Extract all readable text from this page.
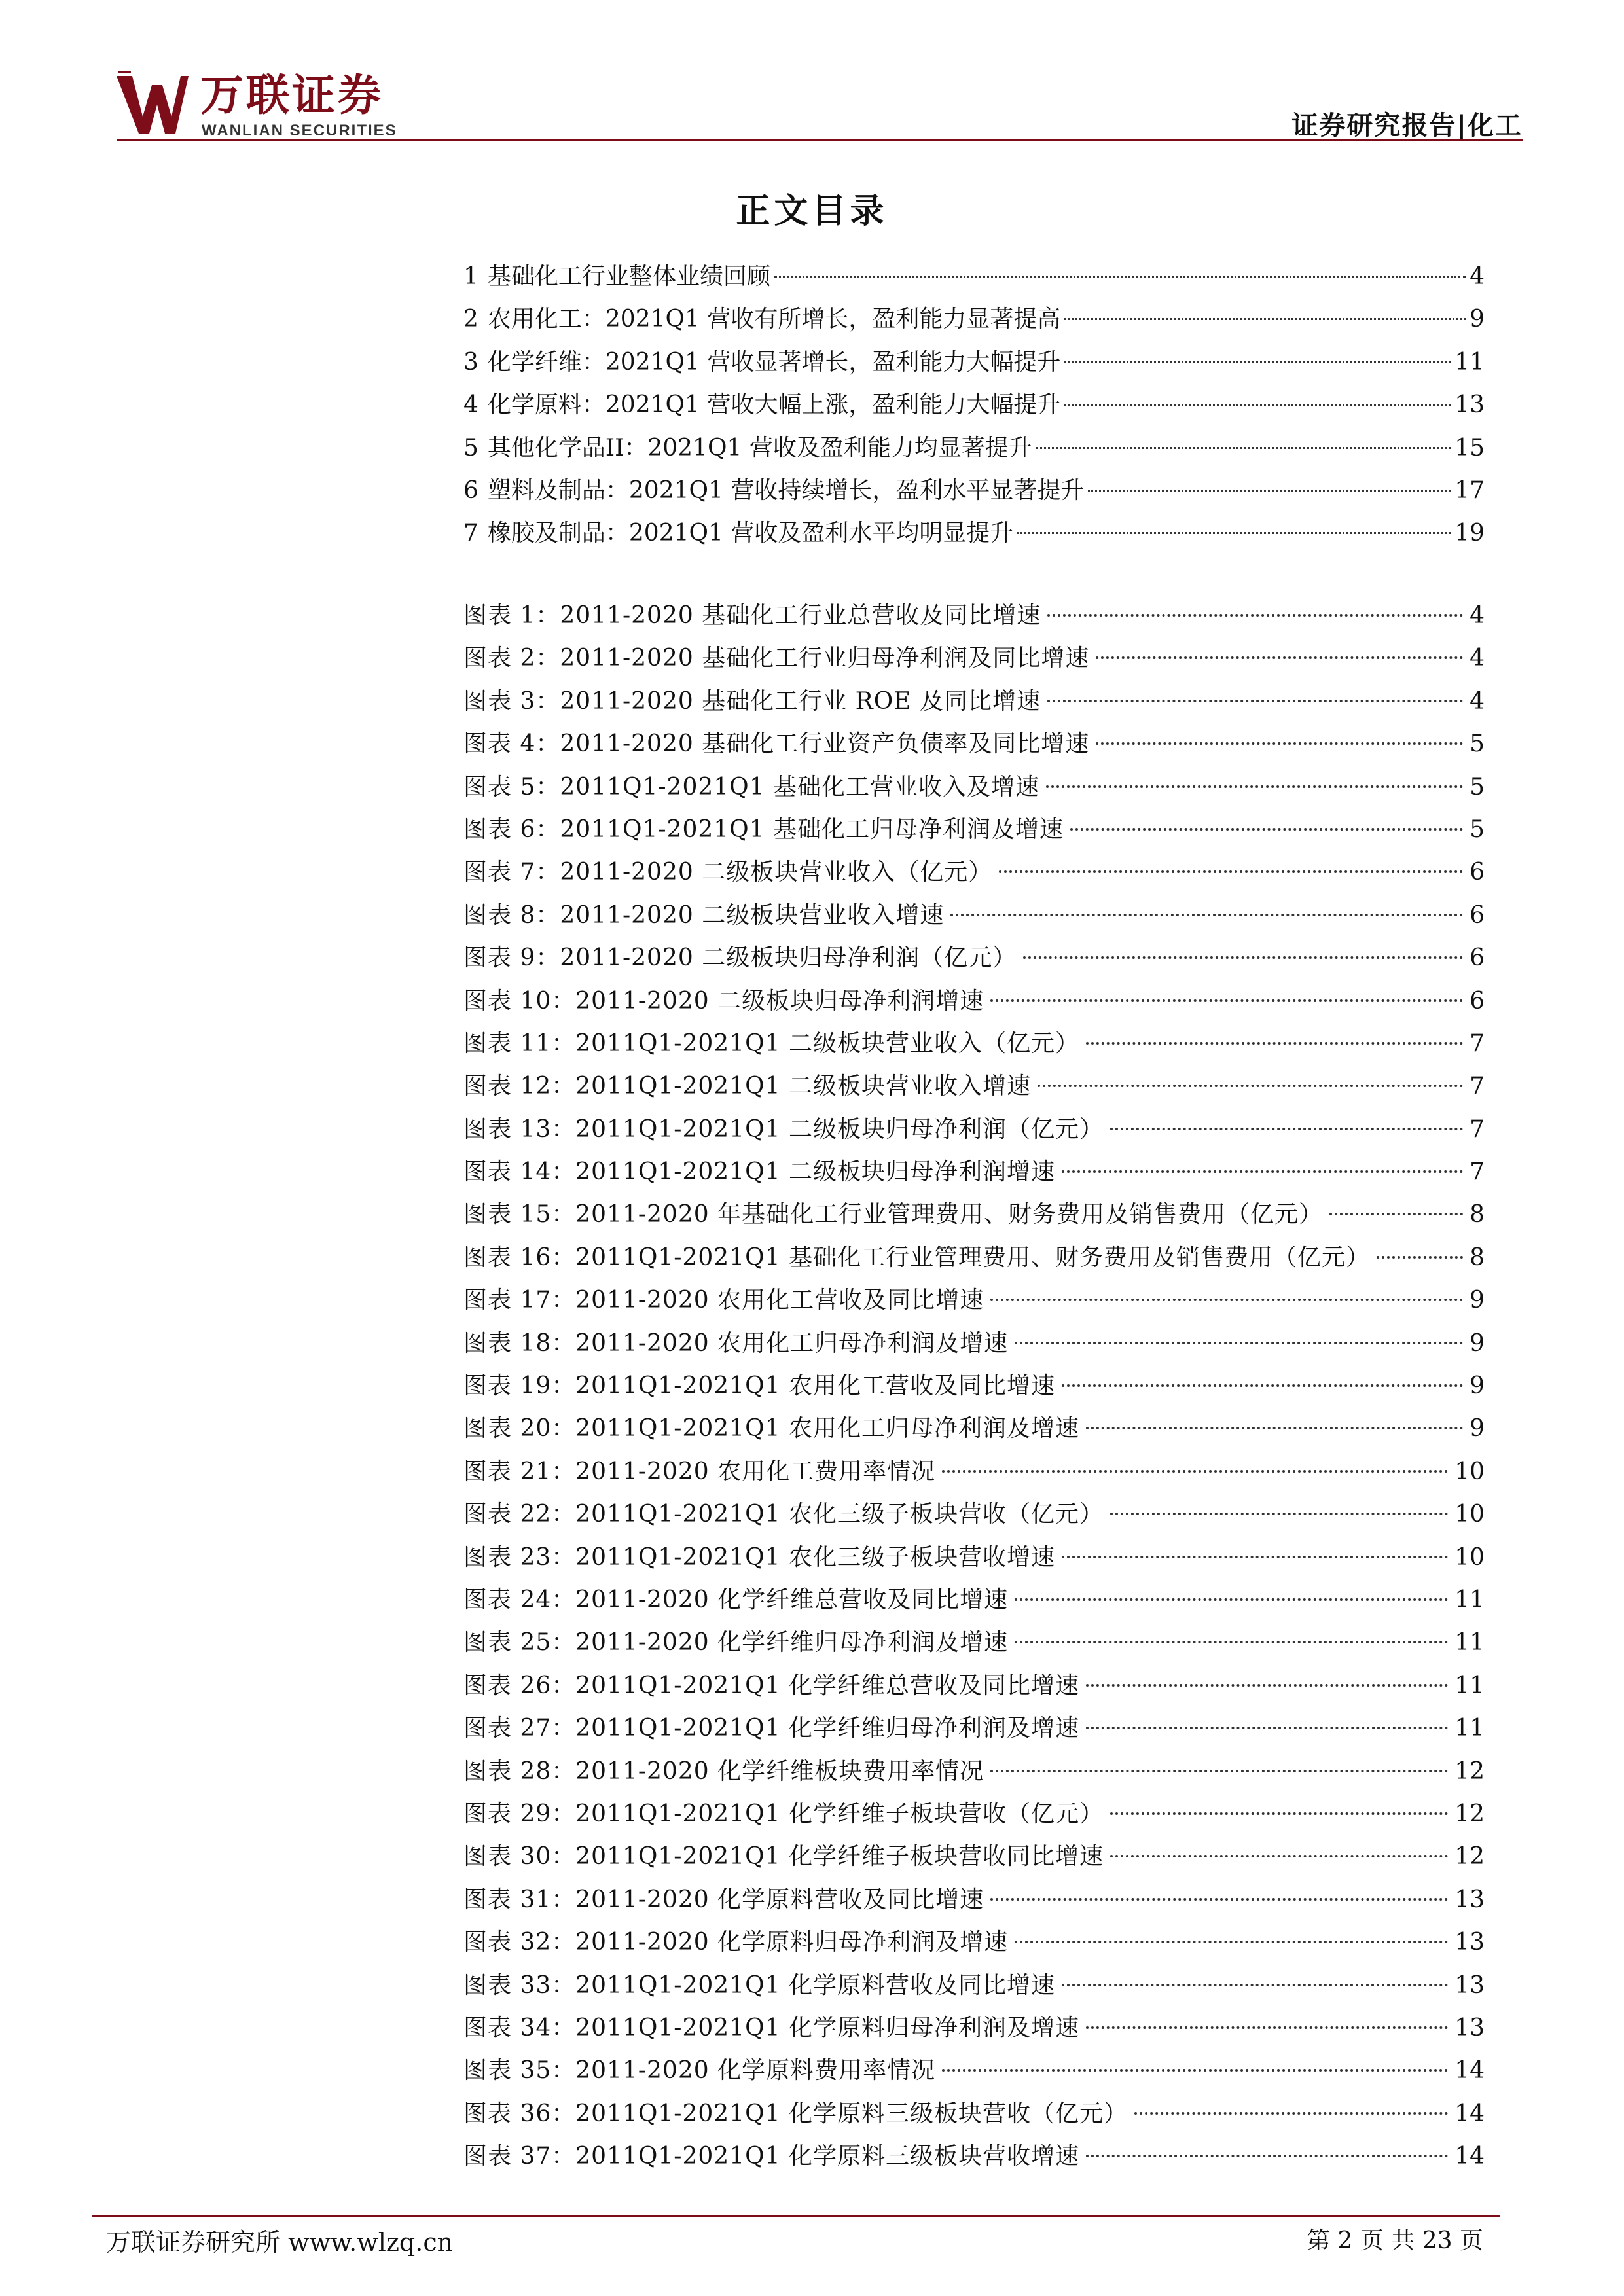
万联证券
WANLIAN SECURITIES	证券研究报告|化工
正文目录
1 基础化工行业整体业绩回顾	4
2 农用化工：2021Q1 营收有所增长，盈利能力显著提高	9
3 化学纤维：2021Q1 营收显著增长，盈利能力大幅提升	11
4 化学原料：2021Q1 营收大幅上涨，盈利能力大幅提升	13
5 其他化学品II：2021Q1 营收及盈利能力均显著提升	15
6 塑料及制品：2021Q1 营收持续增长，盈利水平显著提升	17
7 橡胶及制品：2021Q1 营收及盈利水平均明显提升	19
图表 1： 2011-2020 基础化工行业总营收及同比增速	4
图表 2： 2011-2020 基础化工行业归母净利润及同比增速	4
图表 3： 2011-2020 基础化工行业 ROE 及同比增速	4
图表 4： 2011-2020 基础化工行业资产负债率及同比增速	5
图表 5： 2011Q1-2021Q1 基础化工营业收入及增速	5
图表 6： 2011Q1-2021Q1 基础化工归母净利润及增速	5
图表 7： 2011-2020 二级板块营业收入（亿元）	6
图表 8： 2011-2020 二级板块营业收入增速	6
图表 9： 2011-2020 二级板块归母净利润（亿元）	6
图表 10： 2011-2020 二级板块归母净利润增速	6
图表 11： 2011Q1-2021Q1 二级板块营业收入（亿元）	7
图表 12： 2011Q1-2021Q1 二级板块营业收入增速	7
图表 13： 2011Q1-2021Q1 二级板块归母净利润（亿元）	7
图表 14： 2011Q1-2021Q1 二级板块归母净利润增速	7
图表 15： 2011-2020 年基础化工行业管理费用、财务费用及销售费用（亿元）	8
图表 16： 2011Q1-2021Q1 基础化工行业管理费用、财务费用及销售费用（亿元）	8
图表 17： 2011-2020 农用化工营收及同比增速	9
图表 18： 2011-2020 农用化工归母净利润及增速	9
图表 19： 2011Q1-2021Q1 农用化工营收及同比增速	9
图表 20： 2011Q1-2021Q1 农用化工归母净利润及增速	9
图表 21： 2011-2020 农用化工费用率情况	10
图表 22： 2011Q1-2021Q1 农化三级子板块营收（亿元）	10
图表 23： 2011Q1-2021Q1 农化三级子板块营收增速	10
图表 24： 2011-2020 化学纤维总营收及同比增速	11
图表 25： 2011-2020 化学纤维归母净利润及增速	11
图表 26： 2011Q1-2021Q1 化学纤维总营收及同比增速	11
图表 27： 2011Q1-2021Q1 化学纤维归母净利润及增速	11
图表 28： 2011-2020 化学纤维板块费用率情况	12
图表 29： 2011Q1-2021Q1 化学纤维子板块营收（亿元）	12
图表 30： 2011Q1-2021Q1 化学纤维子板块营收同比增速	12
图表 31： 2011-2020 化学原料营收及同比增速	13
图表 32： 2011-2020 化学原料归母净利润及增速	13
图表 33： 2011Q1-2021Q1 化学原料营收及同比增速	13
图表 34： 2011Q1-2021Q1 化学原料归母净利润及增速	13
图表 35： 2011-2020 化学原料费用率情况	14
图表 36： 2011Q1-2021Q1 化学原料三级板块营收（亿元）	14
图表 37： 2011Q1-2021Q1 化学原料三级板块营收增速	14
万联证券研究所 www.wlzq.cn	第 2 页 共 23 页
